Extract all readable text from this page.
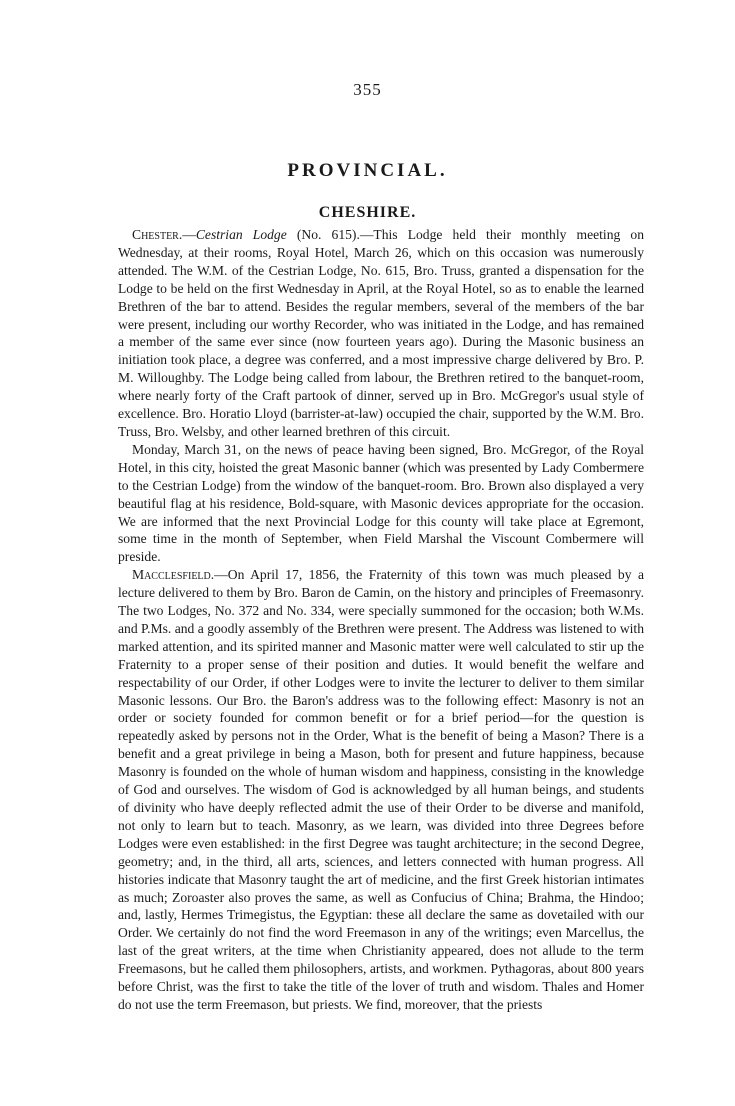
355
PROVINCIAL.
CHESHIRE.

Chester.—Cestrian Lodge (No. 615).—This Lodge held their monthly meeting on Wednesday, at their rooms, Royal Hotel, March 26, which on this occasion was numerously attended. The W.M. of the Cestrian Lodge, No. 615, Bro. Truss, granted a dispensation for the Lodge to be held on the first Wednesday in April, at the Royal Hotel, so as to enable the learned Brethren of the bar to attend. Besides the regular members, several of the members of the bar were present, including our worthy Recorder, who was initiated in the Lodge, and has remained a member of the same ever since (now fourteen years ago). During the Masonic business an initiation took place, a degree was conferred, and a most impressive charge delivered by Bro. P. M. Willoughby. The Lodge being called from labour, the Brethren retired to the banquet-room, where nearly forty of the Craft partook of dinner, served up in Bro. McGregor's usual style of excellence. Bro. Horatio Lloyd (barrister-at-law) occupied the chair, supported by the W.M. Bro. Truss, Bro. Welsby, and other learned brethren of this circuit.

Monday, March 31, on the news of peace having been signed, Bro. McGregor, of the Royal Hotel, in this city, hoisted the great Masonic banner (which was presented by Lady Combermere to the Cestrian Lodge) from the window of the banquet-room. Bro. Brown also displayed a very beautiful flag at his residence, Bold-square, with Masonic devices appropriate for the occasion. We are informed that the next Provincial Lodge for this county will take place at Egremont, some time in the month of September, when Field Marshal the Viscount Combermere will preside.

Macclesfield.—On April 17, 1856, the Fraternity of this town was much pleased by a lecture delivered to them by Bro. Baron de Camin, on the history and principles of Freemasonry. The two Lodges, No. 372 and No. 334, were specially summoned for the occasion; both W.Ms. and P.Ms. and a goodly assembly of the Brethren were present. The Address was listened to with marked attention, and its spirited manner and Masonic matter were well calculated to stir up the Fraternity to a proper sense of their position and duties. It would benefit the welfare and respectability of our Order, if other Lodges were to invite the lecturer to deliver to them similar Masonic lessons. Our Bro. the Baron's address was to the following effect: Masonry is not an order or society founded for common benefit or for a brief period—for the question is repeatedly asked by persons not in the Order, What is the benefit of being a Mason? There is a benefit and a great privilege in being a Mason, both for present and future happiness, because Masonry is founded on the whole of human wisdom and happiness, consisting in the knowledge of God and ourselves. The wisdom of God is acknowledged by all human beings, and students of divinity who have deeply reflected admit the use of their Order to be diverse and manifold, not only to learn but to teach. Masonry, as we learn, was divided into three Degrees before Lodges were even established: in the first Degree was taught architecture; in the second Degree, geometry; and, in the third, all arts, sciences, and letters connected with human progress. All histories indicate that Masonry taught the art of medicine, and the first Greek historian intimates as much; Zoroaster also proves the same, as well as Confucius of China; Brahma, the Hindoo; and, lastly, Hermes Trimegistus, the Egyptian: these all declare the same as dovetailed with our Order. We certainly do not find the word Freemason in any of the writings; even Marcellus, the last of the great writers, at the time when Christianity appeared, does not allude to the term Freemasons, but he called them philosophers, artists, and workmen. Pythagoras, about 800 years before Christ, was the first to take the title of the lover of truth and wisdom. Thales and Homer do not use the term Freemason, but priests. We find, moreover, that the priests
